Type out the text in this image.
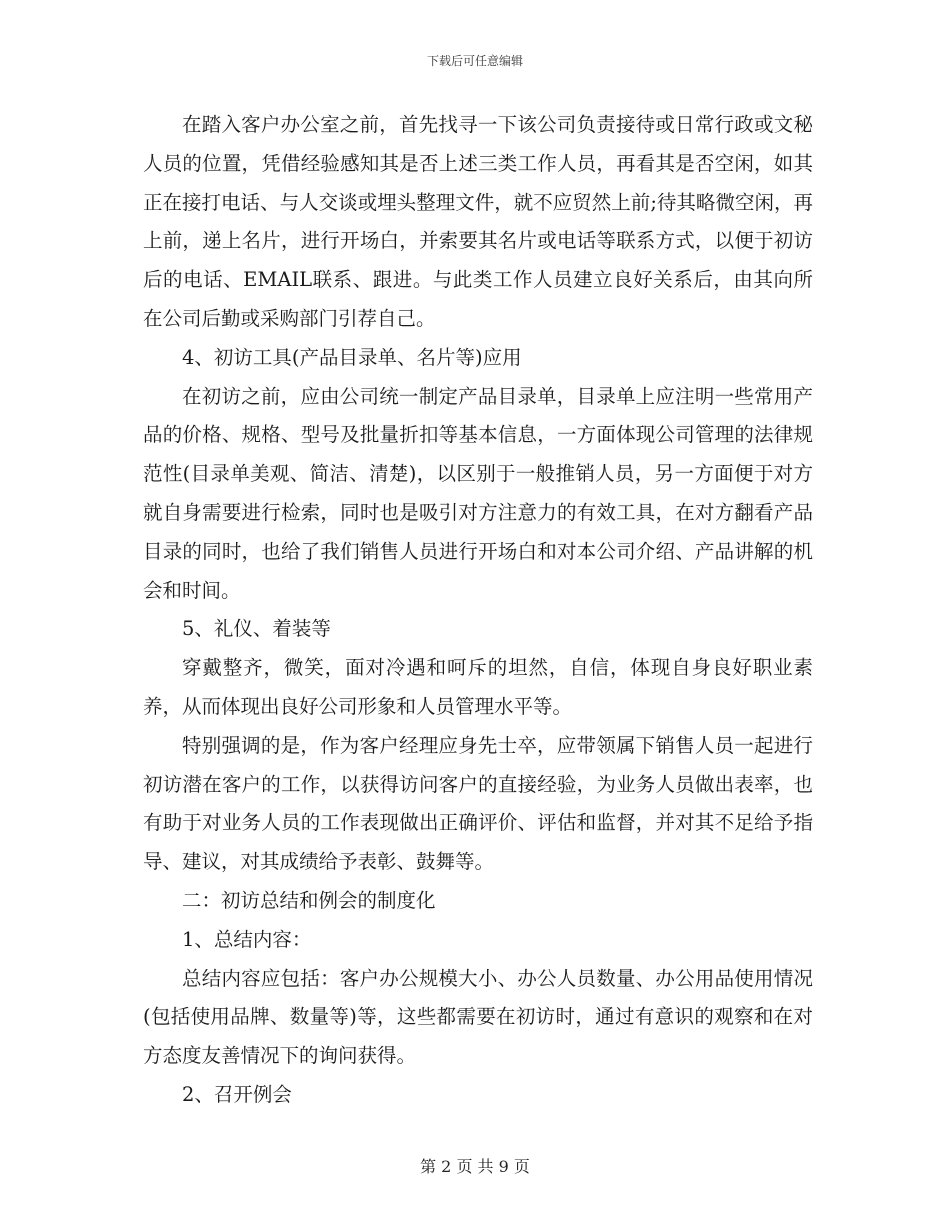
下载后可任意编辑

在踏入客户办公室之前，首先找寻一下该公司负责接待或日常行政或文秘人员的位置，凭借经验感知其是否上述三类工作人员，再看其是否空闲，如其正在接打电话、与人交谈或埋头整理文件，就不应贸然上前;待其略微空闲，再上前，递上名片，进行开场白，并索要其名片或电话等联系方式，以便于初访后的电话、EMAIL联系、跟进。与此类工作人员建立良好关系后，由其向所在公司后勤或采购部门引荐自己。

4、初访工具(产品目录单、名片等)应用

在初访之前，应由公司统一制定产品目录单，目录单上应注明一些常用产品的价格、规格、型号及批量折扣等基本信息，一方面体现公司管理的法律规范性(目录单美观、简洁、清楚)，以区别于一般推销人员，另一方面便于对方就自身需要进行检索，同时也是吸引对方注意力的有效工具，在对方翻看产品目录的同时，也给了我们销售人员进行开场白和对本公司介绍、产品讲解的机会和时间。

5、礼仪、着装等

穿戴整齐，微笑，面对冷遇和呵斥的坦然，自信，体现自身良好职业素养，从而体现出良好公司形象和人员管理水平等。

特别强调的是，作为客户经理应身先士卒，应带领属下销售人员一起进行初访潜在客户的工作，以获得访问客户的直接经验，为业务人员做出表率，也有助于对业务人员的工作表现做出正确评价、评估和监督，并对其不足给予指导、建议，对其成绩给予表彰、鼓舞等。

二：初访总结和例会的制度化

1、总结内容：

总结内容应包括：客户办公规模大小、办公人员数量、办公用品使用情况(包括使用品牌、数量等)等，这些都需要在初访时，通过有意识的观察和在对方态度友善情况下的询问获得。

2、召开例会

第 2 页 共 9 页
